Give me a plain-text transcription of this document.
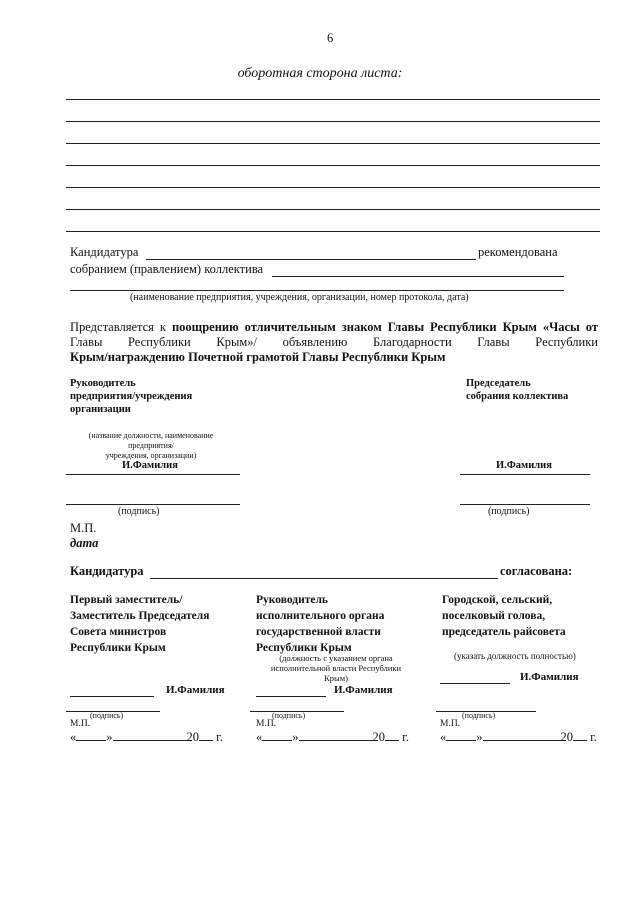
6
оборотная сторона листа:
Кандидатура	рекомендована
собранием (правлением) коллектива
(наименование предприятия, учреждения, организации, номер протокола, дата)
Представляется к поощрению отличительным знаком Главы Республики Крым «Часы от
Главы Республики Крым»/ объявлению Благодарности Главы Республики
Крым/награждению Почетной грамотой Главы Республики Крым
Руководитель
предприятия/учреждения
организации
(название должности, наименование
предприятия/
учреждения, организации)
И.Фамилия
(подпись)
Председатель
собрания коллектива
И.Фамилия
(подпись)
М.П.
дата
Кандидатура	согласована:
Первый заместитель/
Заместитель Председателя
Совета министров
Республики Крым
И.Фамилия
(подпись)
М.П.
« »	20 г.
Руководитель
исполнительного органа
государственной власти
Республики Крым
(должность с указанием органа
исполнительной власти Республики
Крым)
И.Фамилия
(подпись)
М.П.
« »	20 г.
Городской, сельский,
поселковый голова,
председатель райсовета
(указать должность полностью)
И.Фамилия
(подпись)
М.П.
« »	20 г.
